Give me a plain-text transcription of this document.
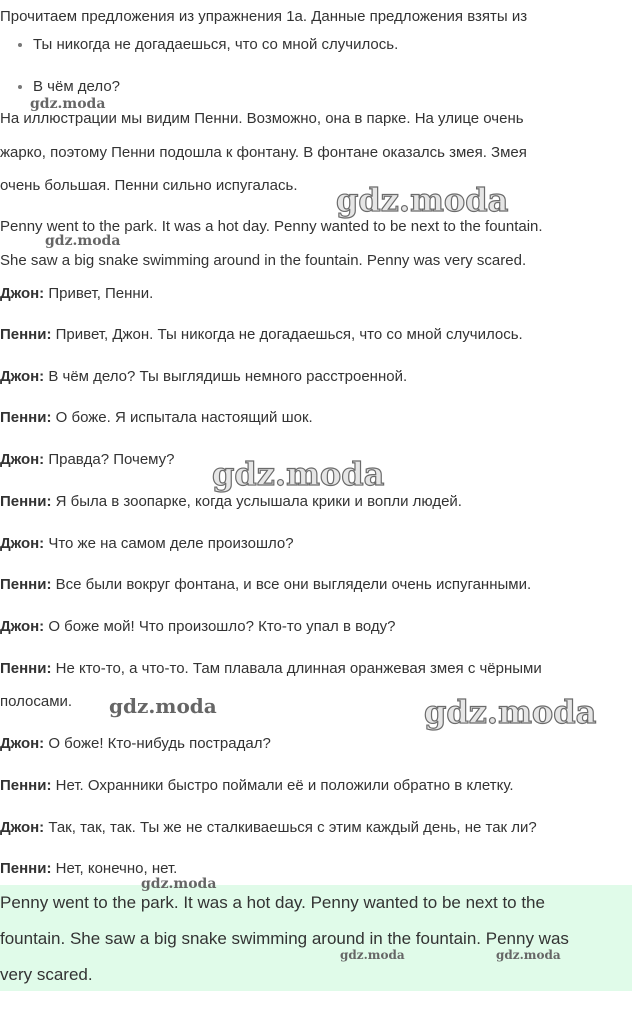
Прочитаем предложения из упражнения 1а. Данные предложения взяты из
Ты никогда не догадаешься, что со мной случилось.
В чём дело?
На иллюстрации мы видим Пенни. Возможно, она в парке. На улице очень
жарко, поэтому Пенни подошла к фонтану. В фонтане оказалсь змея. Змея
очень большая. Пенни сильно испугалась.
Penny went to the park. It was a hot day. Penny wanted to be next to the fountain.
She saw a big snake swimming around in the fountain. Penny was very scared.
Джон: Привет, Пенни.
Пенни: Привет, Джон. Ты никогда не догадаешься, что со мной случилось.
Джон: В чём дело? Ты выглядишь немного расстроенной.
Пенни: О боже. Я испытала настоящий шок.
Джон: Правда? Почему?
Пенни: Я была в зоопарке, когда услышала крики и вопли людей.
Джон: Что же на самом деле произошло?
Пенни: Все были вокруг фонтана, и все они выглядели очень испуганными.
Джон: О боже мой! Что произошло? Кто-то упал в воду?
Пенни: Не кто-то, а что-то. Там плавала длинная оранжевая змея с чёрными
полосами.
Джон: О боже! Кто-нибудь пострадал?
Пенни: Нет. Охранники быстро поймали её и положили обратно в клетку.
Джон: Так, так, так. Ты же не сталкиваешься с этим каждый день, не так ли?
Пенни: Нет, конечно, нет.
Penny went to the park. It was a hot day. Penny wanted to be next to the
fountain. She saw a big snake swimming around in the fountain. Penny was
very scared.
gdz.moda
gdz.moda
gdz.moda
gdz.moda
gdz.moda	gdz.moda
gdz.moda
gdz.moda	gdz.moda
